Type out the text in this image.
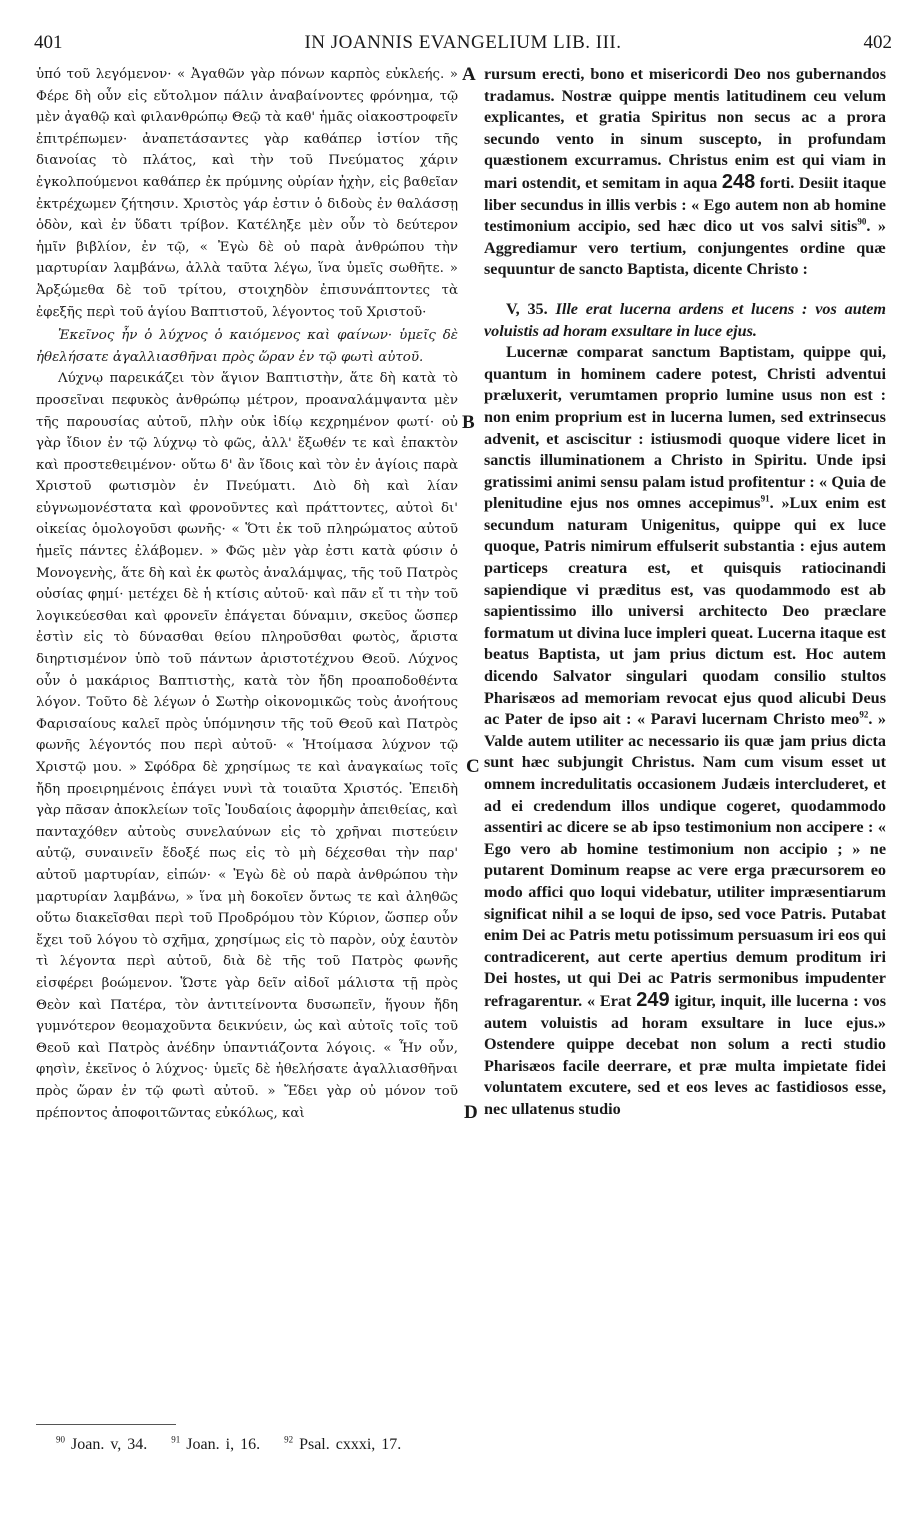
401	IN JOANNIS EVANGELIUM LIB. III.	402

ὑπό τοῦ λεγόμενον· « Ἀγαθῶν γὰρ πόνων καρπὸς εὐκλεής. » Φέρε δὴ οὖν εἰς εὔτολμον πάλιν ἀναβαίνοντες φρόνημα, τῷ μὲν ἀγαθῷ καὶ φιλανθρώπῳ Θεῷ τὰ καθ' ἡμᾶς οἰακοστροφεῖν ἐπιτρέπωμεν· ἀναπετάσαντες γὰρ καθάπερ ἱστίον τῆς διανοίας τὸ πλάτος, καὶ τὴν τοῦ Πνεύματος χάριν ἐγκολπούμενοι καθάπερ ἐκ πρύμνης οὐρίαν ἠχὴν, εἰς βαθεῖαν ἐκτρέχωμεν ζήτησιν. Χριστὸς γάρ ἐστιν ὁ διδοὺς ἐν θαλάσσῃ ὁδὸν, καὶ ἐν ὕδατι τρίβον. Κατέληξε μὲν οὖν τὸ δεύτερον ἡμῖν βιβλίον, ἐν τῷ, « Ἐγὼ δὲ οὐ παρὰ ἀνθρώπου τὴν μαρτυρίαν λαμβάνω, ἀλλὰ ταῦτα λέγω, ἵνα ὑμεῖς σωθῆτε. » Ἀρξώμεθα δὲ τοῦ τρίτου, στοιχηδὸν ἐπισυνάπτοντες τὰ ἐφεξῆς περὶ τοῦ ἁγίου Βαπτιστοῦ, λέγοντος τοῦ Χριστοῦ·

Ἐκεῖνος ἦν ὁ λύχνος ὁ καιόμενος καὶ φαίνων· ὑμεῖς δὲ ἠθελήσατε ἀγαλλιασθῆναι πρὸς ὥραν ἐν τῷ φωτὶ αὐτοῦ.

Λύχνῳ παρεικάζει τὸν ἅγιον Βαπτιστὴν, ἅτε δὴ κατὰ τὸ προσεῖναι πεφυκὸς ἀνθρώπῳ μέτρον, προαναλάμψαντα μὲν τῆς παρουσίας αὐτοῦ, πλὴν οὐκ ἰδίῳ κεχρημένον φωτί· οὐ γὰρ ἴδιον ἐν τῷ λύχνῳ τὸ φῶς, ἀλλ' ἔξωθέν τε καὶ ἐπακτὸν καὶ προστεθειμένον· οὕτω δ' ἂν ἴδοις καὶ τὸν ἐν ἁγίοις παρὰ Χριστοῦ φωτισμὸν ἐν Πνεύματι. Διὸ δὴ καὶ λίαν εὐγνωμονέστατα καὶ φρονοῦντες καὶ πράττοντες, αὐτοὶ δι' οἰκείας ὁμολογοῦσι φωνῆς· « Ὅτι ἐκ τοῦ πληρώματος αὐτοῦ ἡμεῖς πάντες ἐλάβομεν. » Φῶς μὲν γὰρ ἐστι κατὰ φύσιν ὁ Μονογενὴς, ἅτε δὴ καὶ ἐκ φωτὸς ἀναλάμψας, τῆς τοῦ Πατρὸς οὐσίας φημί· μετέχει δὲ ἡ κτίσις αὐτοῦ· καὶ πᾶν εἴ τι τὴν τοῦ λογικεύεσθαι καὶ φρονεῖν ἐπάγεται δύναμιν, σκεῦος ὥσπερ ἐστὶν εἰς τὸ δύνασθαι θείου πληροῦσθαι φωτὸς, ἄριστα διηρτισμένον ὑπὸ τοῦ πάντων ἀριστοτέχνου Θεοῦ. Λύχνος οὖν ὁ μακάριος Βαπτιστὴς, κατὰ τὸν ἤδη προαποδοθέντα λόγον. Τοῦτο δὲ λέγων ὁ Σωτὴρ οἰκονομικῶς τοὺς ἀνοήτους Φαρισαίους καλεῖ πρὸς ὑπόμνησιν τῆς τοῦ Θεοῦ καὶ Πατρὸς φωνῆς λέγοντός που περὶ αὐτοῦ· « Ἡτοίμασα λύχνον τῷ Χριστῷ μου. » Σφόδρα δὲ χρησίμως τε καὶ ἀναγκαίως τοῖς ἤδη προειρημένοις ἐπάγει νυνὶ τὰ τοιαῦτα Χριστός. Ἐπειδὴ γὰρ πᾶσαν ἀποκλείων τοῖς Ἰουδαίοις ἀφορμὴν ἀπειθείας, καὶ πανταχόθεν αὐτοὺς συνελαύνων εἰς τὸ χρῆναι πιστεύειν αὐτῷ, συναινεῖν ἔδοξέ πως εἰς τὸ μὴ δέχεσθαι τὴν παρ' αὐτοῦ μαρτυρίαν, εἰπών· « Ἐγὼ δὲ οὐ παρὰ ἀνθρώπου τὴν μαρτυρίαν λαμβάνω, » ἵνα μὴ δοκοῖεν ὄντως τε καὶ ἀληθῶς οὕτω διακεῖσθαι περὶ τοῦ Προδρόμου τὸν Κύριον, ὥσπερ οὖν ἔχει τοῦ λόγου τὸ σχῆμα, χρησίμως εἰς τὸ παρὸν, οὐχ ἑαυτὸν τὶ λέγοντα περὶ αὐτοῦ, διὰ δὲ τῆς τοῦ Πατρὸς φωνῆς εἰσφέρει βοώμενον. Ὥστε γὰρ δεῖν αἰδοῖ μάλιστα τῇ πρὸς Θεὸν καὶ Πατέρα, τὸν ἀντιτείνοντα δυσωπεῖν, ἥγουν ἤδη γυμνότερον θεομαχοῦντα δεικνύειν, ὡς καὶ αὐτοῖς τοῖς τοῦ Θεοῦ καὶ Πατρὸς ἀνέδην ὑπαντιάζοντα λόγοις. « Ἦν οὖν, φησὶν, ἐκεῖνος ὁ λύχνος· ὑμεῖς δὲ ἠθελήσατε ἀγαλλιασθῆναι πρὸς ὥραν ἐν τῷ φωτὶ αὐτοῦ. » Ἔδει γὰρ οὐ μόνον τοῦ πρέποντος ἀποφοιτῶντας εὐκόλως, καὶ

A
B
C
D

rursum erecti, bono et misericordi Deo nos gubernandos tradamus. Nostræ quippe mentis latitudinem ceu velum explicantes, et gratia Spiritus non secus ac a prora secundo vento in sinum susceptο, in profundam quæstionem excurramus. Christus enim est qui viam in mari ostendit, et semitam in aqua 248 forti. Desiit itaque liber secundus in illis verbis : « Ego autem non ab homine testimonium accipio, sed hæc dico ut vos salvi sitis$^{90}$. » Aggrediamur vero tertium, conjungentes ordine quæ sequuntur de sancto Baptista, dicente Christo :

V, 35. Ille erat lucerna ardens et lucens : vos autem voluistis ad horam exsultare in luce ejus.

Lucernæ comparat sanctum Baptistam, quippe qui, quantum in hominem cadere potest, Christi adventui præluxerit, verumtamen proprio lumine usus non est : non enim proprium est in lucerna lumen, sed extrinsecus advenit, et asciscitur : istiusmodi quoque videre licet in sanctis illuminationem a Christo in Spiritu. Unde ipsi gratissimi animi sensu palam istud profitentur : « Quia de plenitudine ejus nos omnes accepimus$^{91}$. »Lux enim est secundum naturam Unigenitus, quippe qui ex luce quoque, Patris nimirum effulserit substantia : ejus autem particeps creatura est, et quisquis ratiocinandi sapiendique vi præditus est, vas quodammodo est ab sapientissimo illo universi architecto Deo præclare formatum ut divina luce impleri queat. Lucerna itaque est beatus Baptista, ut jam prius dictum est. Hoc autem dicendo Salvator singulari quodam consilio stultos Pharisæos ad memoriam revocat ejus quod alicubi Deus ac Pater de ipso ait : « Paravi lucernam Christo meo$^{92}$. » Valde autem utiliter ac necessario iis quæ jam prius dicta sunt hæc subjungit Christus. Nam cum visum esset ut omnem incredulitatis occasionem Judæis intercluderet, et ad ei credendum illos undique cogeret, quodammodo assentiri ac dicere se ab ipso testimonium non accipere : « Ego vero ab homine testimonium non accipio ; » ne putarent Dominum reapse ac vere erga præcursorem eo modo affici quo loqui videbatur, utiliter impræsentiarum significat nihil a se loqui de ipso, sed voce Patris. Putabat enim Dei ac Patris metu potissimum persuasum iri eos qui contradicerent, aut certe apertius demum proditum iri Dei hostes, ut qui Dei ac Patris sermonibus impudenter refragarentur. « Erat 249 igitur, inquit, ille lucerna : vos autem voluistis ad horam exsultare in luce ejus.» Ostendere quippe decebat non solum a recti studio Pharisæos facile deerrare, et præ multa impietate fidei voluntatem excutere, sed et eos leves ac fastidiosos esse, nec ullatenus studio

$^{90}$ Joan. v, 34.	$^{91}$ Joan. i, 16.	$^{92}$ Psal. cxxxi, 17.
